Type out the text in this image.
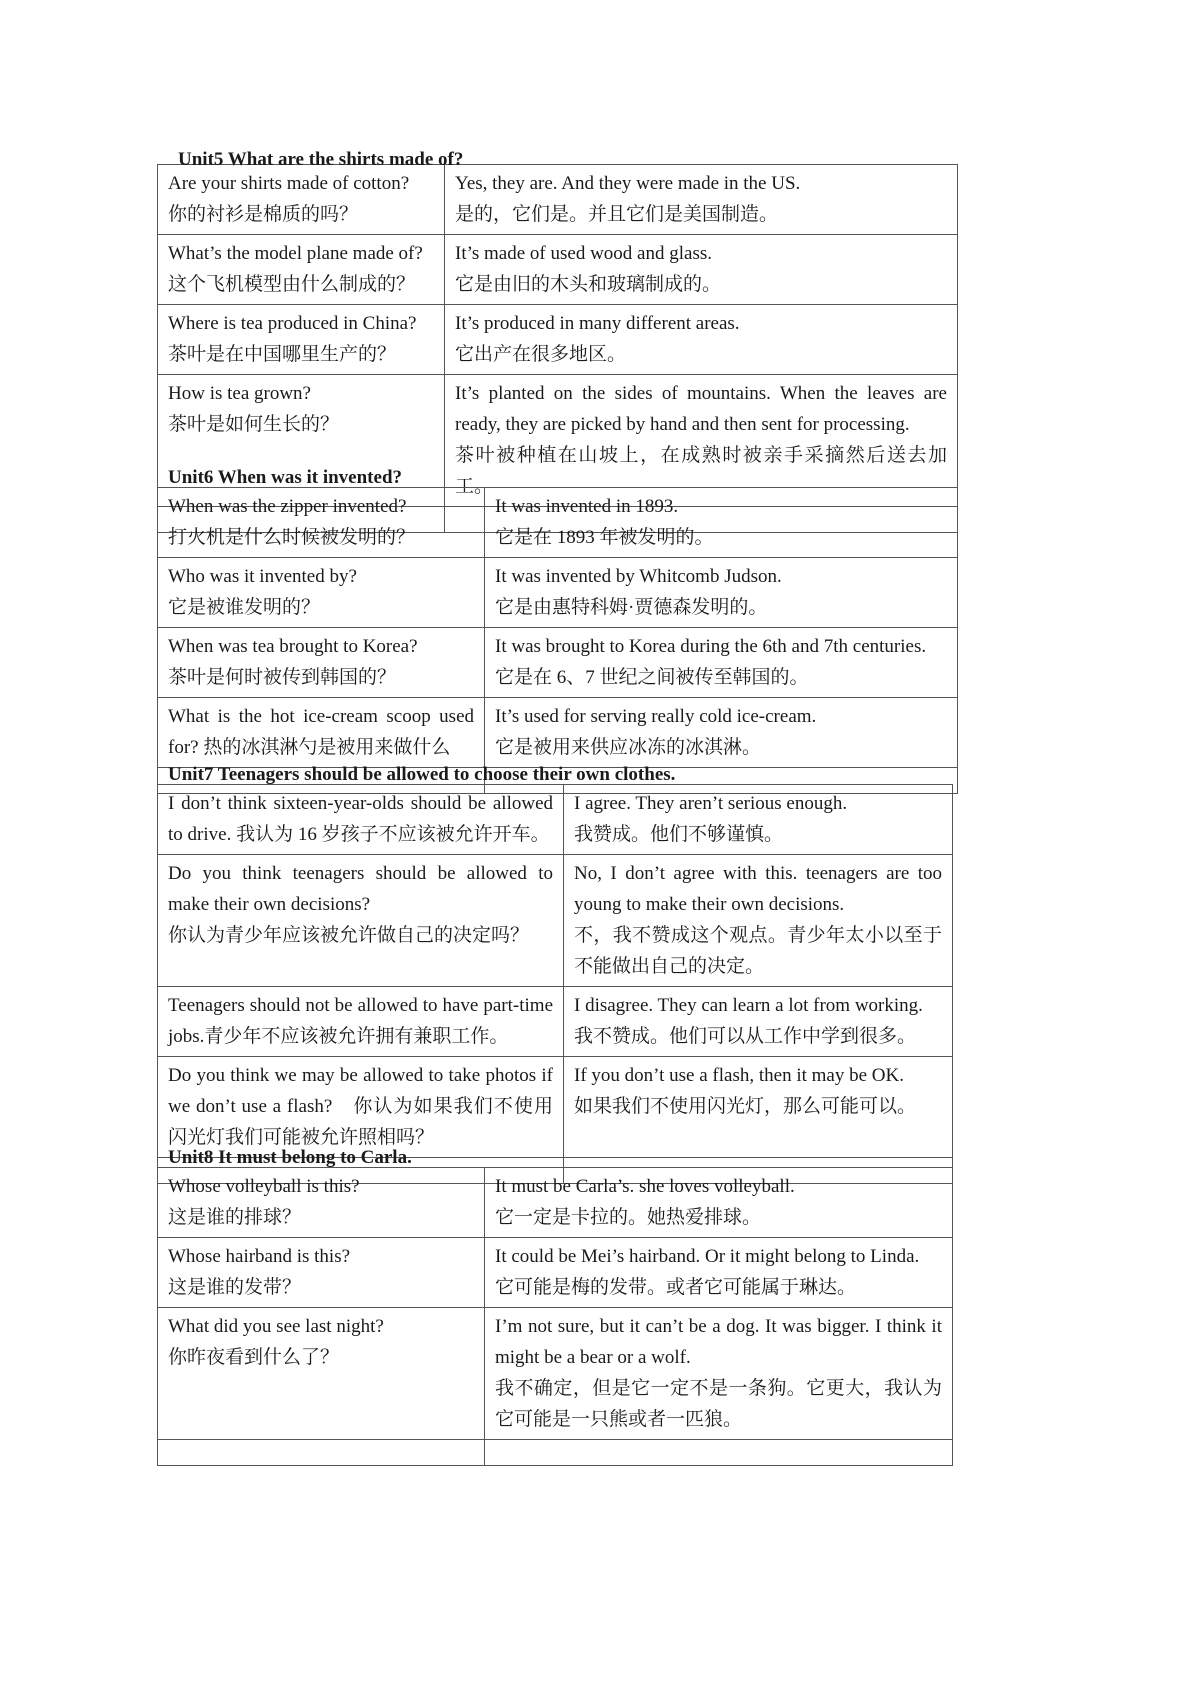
Unit5 What are the shirts made of?
Are your shirts made of cotton?
你的衬衫是棉质的吗？	Yes, they are. And they were made in the US.
是的，它们是。并且它们是美国制造。

What’s the model plane made of?
这个飞机模型由什么制成的？	It’s made of used wood and glass.
它是由旧的木头和玻璃制成的。

Where is tea produced in China?
茶叶是在中国哪里生产的？	It’s produced in many different areas.
它出产在很多地区。

How is tea grown?
茶叶是如何生长的？	It’s planted on the sides of mountains. When the leaves are ready, they are picked by hand and then sent for processing.
茶叶被种植在山坡上，在成熟时被亲手采摘然后送去加工。

Unit6 When was it invented?
When was the zipper invented?
打火机是什么时候被发明的？	It was invented in 1893.
它是在 1893 年被发明的。

Who was it invented by?
它是被谁发明的？	It was invented by Whitcomb Judson.
它是由惠特科姆·贾德森发明的。

When was tea brought to Korea?
茶叶是何时被传到韩国的？	It was brought to Korea during the 6th and 7th centuries.
它是在 6、7 世纪之间被传至韩国的。

What is the hot ice-cream scoop used for? 热的冰淇淋勺是被用来做什么	It’s used for serving really cold ice-cream.
它是被用来供应冰冻的冰淇淋。

Unit7 Teenagers should be allowed to choose their own clothes.
I don’t think sixteen-year-olds should be allowed to drive. 我认为 16 岁孩子不应该被允许开车。	I agree. They aren’t serious enough.
我赞成。他们不够谨慎。

Do you think teenagers should be allowed to make their own decisions?
你认为青少年应该被允许做自己的决定吗？	No, I don’t agree with this. teenagers are too young to make their own decisions.
不，我不赞成这个观点。青少年太小以至于不能做出自己的决定。

Teenagers should not be allowed to have part-time jobs.青少年不应该被允许拥有兼职工作。	I disagree. They can learn a lot from working.
我不赞成。他们可以从工作中学到很多。

Do you think we may be allowed to take photos if we don’t use a flash?　你认为如果我们不使用闪光灯我们可能被允许照相吗？	If you don’t use a flash, then it may be OK.
如果我们不使用闪光灯，那么可能可以。

Unit8 It must belong to Carla.
Whose volleyball is this?
这是谁的排球？	It must be Carla’s. she loves volleyball.
它一定是卡拉的。她热爱排球。

Whose hairband is this?
这是谁的发带？	It could be Mei’s hairband. Or it might belong to Linda.
它可能是梅的发带。或者它可能属于琳达。

What did you see last night?
你昨夜看到什么了？	I’m not sure, but it can’t be a dog. It was bigger. I think it might be a bear or a wolf.
我不确定，但是它一定不是一条狗。它更大，我认为它可能是一只熊或者一匹狼。
